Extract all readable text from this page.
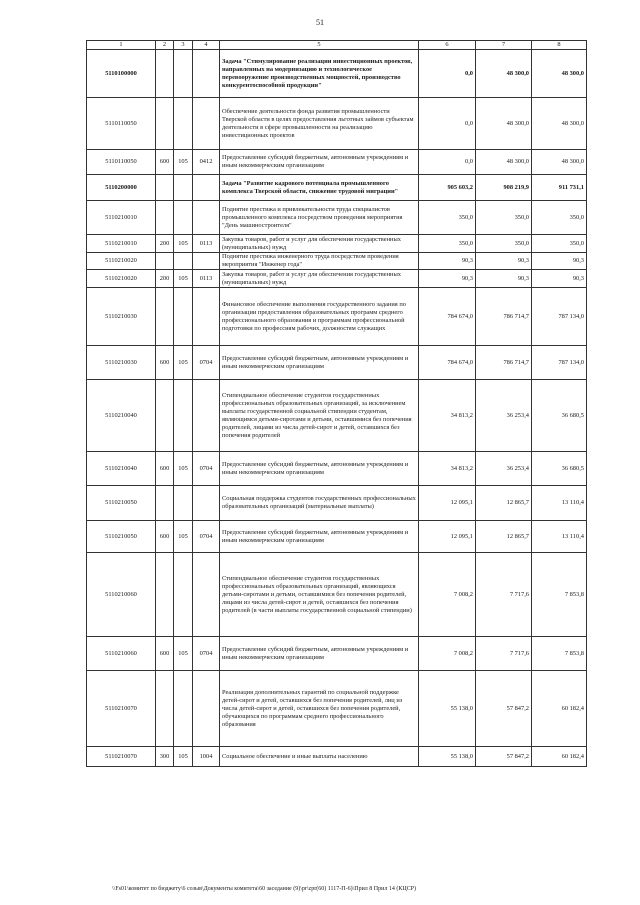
51
1	2	3	4	5	6	7	8
5110100000				Задача "Стимулирование реализации инвестиционных проектов, направленных на модернизацию и технологическое перевооружение производственных мощностей, производство конкурентоспособной продукции"	0,0	48 300,0	48 300,0
5110110050				Обеспечение деятельности фонда развития промышленности Тверской области в целях предоставления льготных займов субъектам деятельности в сфере промышленности на реализацию инвестиционных проектов	0,0	48 300,0	48 300,0
5110110050	600	105	0412	Предоставление субсидий бюджетным, автономным учреждениям и иным некоммерческим организациям	0,0	48 300,0	48 300,0
5110200000				Задача "Развитие кадрового потенциала промышленного комплекса Тверской области, снижение трудовой миграции"	905 603,2	908 219,9	911 731,1
5110210010				Поднятие престижа и привлекательности труда специалистов промышленного комплекса посредством проведения мероприятия "День машиностроителя"	350,0	350,0	350,0
5110210010	200	105	0113	Закупка товаров, работ и услуг для обеспечения государственных (муниципальных) нужд	350,0	350,0	350,0
5110210020				Поднятие престижа инженерного труда посредством проведения мероприятия "Инженер года"	90,3	90,3	90,3
5110210020	200	105	0113	Закупка товаров, работ и услуг для обеспечения государственных (муниципальных) нужд	90,3	90,3	90,3
5110210030				Финансовое обеспечение выполнения государственного задания по организации предоставления образовательных программ среднего профессионального образования и программам профессиональной подготовки по профессиям рабочих, должностям служащих	784 674,0	786 714,7	787 134,0
5110210030	600	105	0704	Предоставление субсидий бюджетным, автономным учреждениям и иным некоммерческим организациям	784 674,0	786 714,7	787 134,0
5110210040				Стипендиальное обеспечение студентов государственных профессиональных образовательных организаций, за исключением выплаты государственной социальной стипендии студентам, являющимся детьми-сиротами и детьми, оставшимися без попечения родителей, лицами из числа детей-сирот и детей, оставшихся без попечения родителей	34 813,2	36 253,4	36 680,5
5110210040	600	105	0704	Предоставление субсидий бюджетным, автономным учреждениям и иным некоммерческим организациям	34 813,2	36 253,4	36 680,5
5110210050				Социальная поддержка студентов государственных профессиональных образовательных организаций (материальные выплаты)	12 095,1	12 865,7	13 110,4
5110210050	600	105	0704	Предоставление субсидий бюджетным, автономным учреждениям и иным некоммерческим организациям	12 095,1	12 865,7	13 110,4
5110210060				Стипендиальное обеспечение студентов государственных профессиональных образовательных организаций, являющихся детьми-сиротами и детьми, оставшимися без попечения родителей, лицами из числа детей-сирот и детей, оставшихся без попечения родителей (в части выплаты государственной социальной стипендии)	7 008,2	7 717,6	7 853,8
5110210060	600	105	0704	Предоставление субсидий бюджетным, автономным учреждениям и иным некоммерческим организациям	7 008,2	7 717,6	7 853,8
5110210070				Реализация дополнительных гарантий по социальной поддержке детей-сирот и детей, оставшихся без попечения родителей, лиц из числа детей-сирот и детей, оставшихся без попечения родителей, обучающихся по программам среднего профессионального образования	55 138,0	57 847,2	60 182,4
5110210070	300	105	1004	Социальное обеспечение и иные выплаты населению	55 138,0	57 847,2	60 182,4
\\Fs01\комитет по бюджету\6 созыв\Документы комитета\60 заседание (9)\pr\zpr(60) 1117-П-6)\Прил 8 Прил 14 (КЦСР)
